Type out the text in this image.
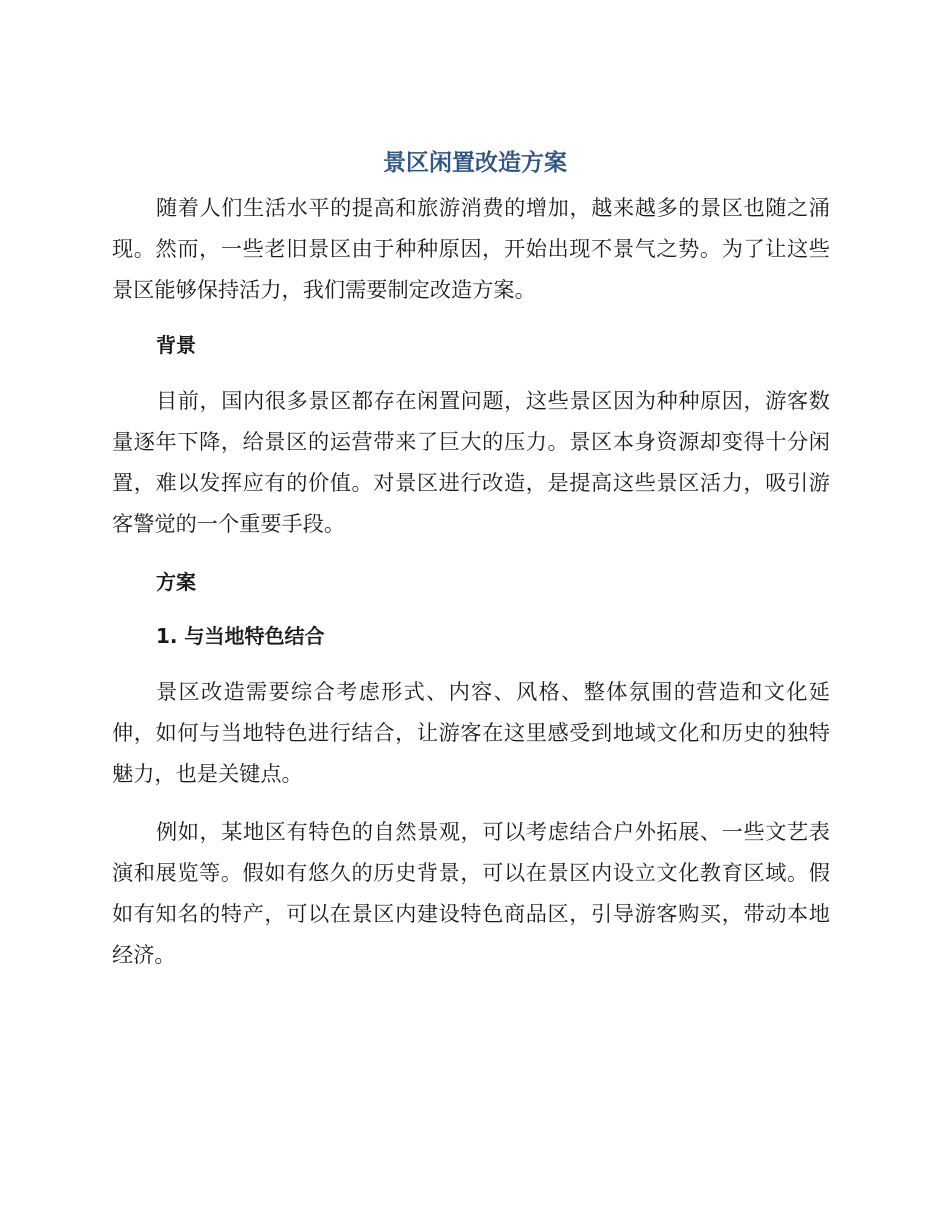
景区闲置改造方案

随着人们生活水平的提高和旅游消费的增加，越来越多的景区也随之涌现。然而，一些老旧景区由于种种原因，开始出现不景气之势。为了让这些景区能够保持活力，我们需要制定改造方案。

背景

目前，国内很多景区都存在闲置问题，这些景区因为种种原因，游客数量逐年下降，给景区的运营带来了巨大的压力。景区本身资源却变得十分闲置，难以发挥应有的价值。对景区进行改造，是提高这些景区活力，吸引游客警觉的一个重要手段。

方案
1. 与当地特色结合

景区改造需要综合考虑形式、内容、风格、整体氛围的营造和文化延伸，如何与当地特色进行结合，让游客在这里感受到地域文化和历史的独特魅力，也是关键点。

例如，某地区有特色的自然景观，可以考虑结合户外拓展、一些文艺表演和展览等。假如有悠久的历史背景，可以在景区内设立文化教育区域。假如有知名的特产，可以在景区内建设特色商品区，引导游客购买，带动本地经济。
